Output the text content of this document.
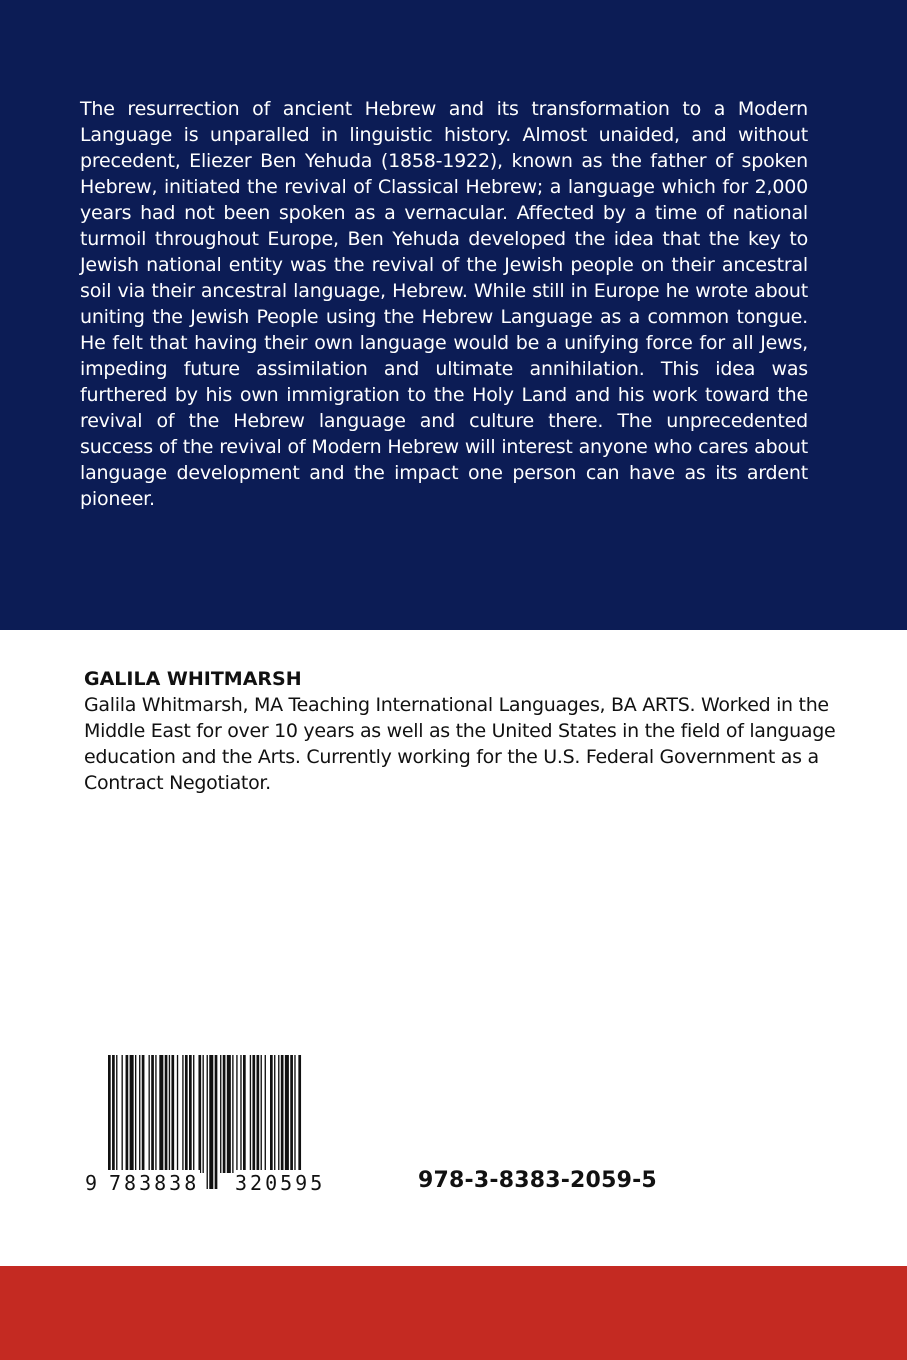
The resurrection of ancient Hebrew and its transformation to a Modern Language is unparalled in linguistic history. Almost unaided, and without precedent, Eliezer Ben Yehuda (1858-1922), known as the father of spoken Hebrew, initiated the revival of Classical Hebrew; a language which for 2,000 years had not been spoken as a vernacular. Affected by a time of national turmoil throughout Europe, Ben Yehuda developed the idea that the key to Jewish national entity was the revival of the Jewish people on their ancestral soil via their ancestral language, Hebrew. While still in Europe he wrote about uniting the Jewish People using the Hebrew Language as a common tongue. He felt that having their own language would be a unifying force for all Jews, impeding future assimilation and ultimate annihilation. This idea was furthered by his own immigration to the Holy Land and his work toward the revival of the Hebrew language and culture there. The unprecedented success of the revival of Modern Hebrew will interest anyone who cares about language development and the impact one person can have as its ardent pioneer.

GALILA WHITMARSH

Galila Whitmarsh, MA Teaching International Languages, BA ARTS. Worked in the Middle East for over 10 years as well as the United States in the field of language education and the Arts. Currently working for the U.S. Federal Government as a Contract Negotiator.

9 783838 320595	978-3-8383-2059-5
